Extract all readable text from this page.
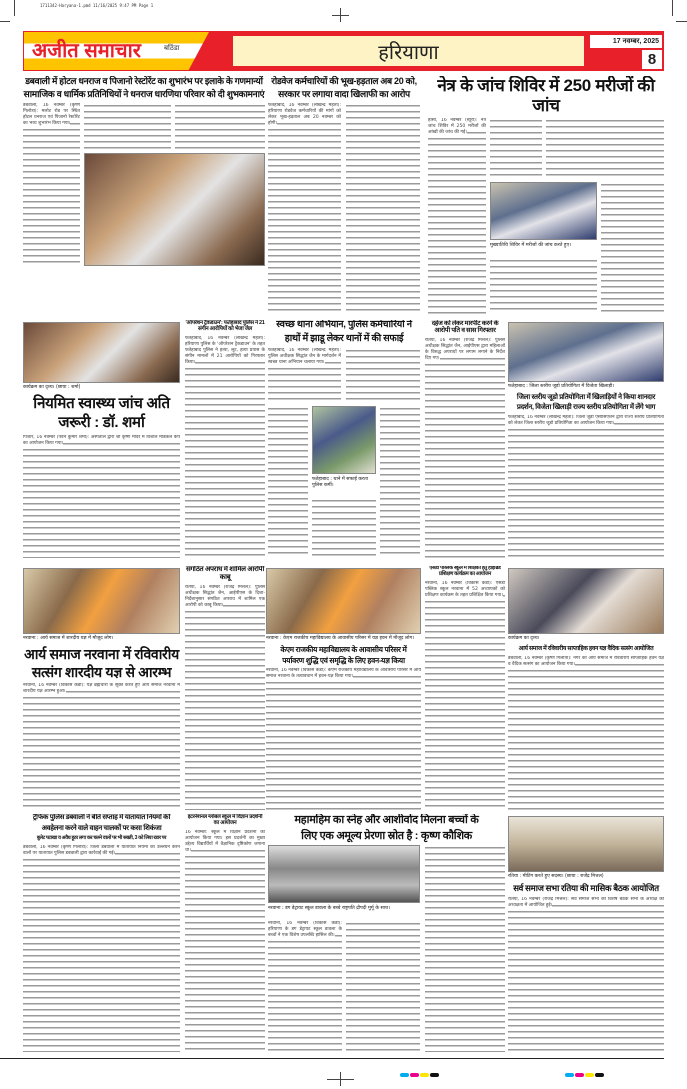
1711342-Haryana-1.pmd 11/16/2025 9:47 PM Page 1
अजीत समाचार	बठिंडा	हरियाणा	17 नवम्बर, 2025
8
डबवाली में होटल धनराज व पिजानो रेस्टोरेंट का शुभारंभ पर इलाके के गणमान्यों
सामाजिक व धार्मिक प्रतिनिधियों ने धनराज धारणिया परिवार को दी शुभकामनाएं
डबवाली, 16 नवम्बर (कृष्ण गिलोत्रा): मलोट रोड पर स्थित होटल धनराज एवं पिजानो रेस्टोरेंट का भव्य शुभारंभ किया गया।
रोडवेज कर्मचारियों की भूख-हड़ताल अब 20 को,
सरकार पर लगाया वादा खिलाफी का आरोप
फतेहाबाद, 16 नवम्बर (लखिन्द्र मैहता): हरियाणा रोडवेज कर्मचारियों की मांगों को लेकर भूख-हड़ताल अब 20 नवम्बर को होगी।
नेत्र के जांच शिविर में 250 मरीजों की जांच
हांसी, 16 नवम्बर (ब्यूरो): नेत्र जांच शिविर में 250 मरीजों की आंखों की जांच की गई।
मुख्यातिथि शिविर में मरीजों की जांच करते हुए।
कार्यक्रम का दृश्य। (छाया : शर्मा)
नियमित स्वास्थ्य जांच अति
जरूरी : डॉ. शर्मा
पिंजौर, 16 नवम्बर (पवन कुमार शर्मा): अस्पताल द्वारा श्री कृष्ण मंदिर में विशाल मेडिकल कैंप का आयोजन किया गया।
'ऑपरेशन ट्रैकडाउन': फतेहाबाद पुलिस ने 21 संगीन आरोपियों को भेजा जेल
फतेहाबाद, 16 नवम्बर (लखिन्द्र मैहता): हरियाणा पुलिस के 'ऑपरेशन ट्रैकडाउन' के तहत फतेहाबाद पुलिस ने हत्या, लूट, हत्या प्रयास के संगीन मामलों में 21 आरोपियों को गिरफ्तार किया।
स्वच्छ थाना अभियान, पुलिस कर्मचारियों ने
हाथों में झाडू लेकर थानों में की सफाई
फतेहाबाद, 16 नवम्बर (लखिन्द्र मैहता): पुलिस अधीक्षक सिद्धांत जैन के मार्गदर्शन में स्वच्छ थाना अभियान चलाया गया।
फतेहाबाद : थाने में सफाई करता पुलिस कर्मी।
दहेज को लेकर मारपीट करने के आरोपी पति व सास गिरफ्तार
रतिया, 16 नवम्बर (राजेंद्र मित्तल): पुलिस अधीक्षक सिद्धांत जैन, आईपीएस द्वारा महिलाओं के विरुद्ध अपराधों पर लगाम लगाने के निर्देश दिए गए।
फतेहाबाद : जिला स्तरीय जूडो प्रतियोगिता में विजेता खिलाड़ी।
जिला स्तरीय जूडो प्रतियोगिता में खिलाड़ियों ने किया शानदार
प्रदर्शन, विजेता खिलाड़ी राज्य स्तरीय प्रतियोगिता में लेंगे भाग
फतेहाबाद, 16 नवम्बर (लखिन्द्र मैहता): जिला जूडो एसोसिएशन द्वारा राज्य स्तरीय प्रतियोगिता को लेकर जिला स्तरीय जूडो प्रतियोगिता का आयोजन किया गया।
नरवाना : आर्य समाज में शारदीय यज्ञ में मौजूद लोग।
आर्य समाज नरवाना में रविवारीय
सत्संग शारदीय यज्ञ से आरम्भ
नरवाना, 16 नवम्बर (विकास केडी): यज्ञ ब्रह्मचारी के सूक्त करते हुए आर्य समाज नरवाना में शारदीय यज्ञ आरम्भ हुआ।
संगठित अपराध में शामिल आरोपी काबू
रतिया, 16 नवम्बर (राजेंद्र मित्तल): पुलिस अधीक्षक सिद्धांत जैन, आईपीएस के दिशा-निर्देशानुसार संगठित अपराध में शामिल एक आरोपी को काबू किया।
नरवाना : केएम राजकीय महाविद्यालय के आवासीय परिसर में यज्ञ हवन में मौजूद लोग।
केएम राजकीय महाविद्यालय के आवासीय परिसर में
पर्यावरण शुद्धि एवं समृद्धि के लिए हवन-यज्ञ किया
नरवाना, 16 नवम्बर (विकास केडी): केएम राजकीय महाविद्यालय के आवासीय परिसर में आर्य समाज नरवाना के तत्वावधान में हवन-यज्ञ किया गया।
एसडी पब्लिक स्कूल में शिक्षकों हेतु हाइब्रिड प्रशिक्षण कार्यक्रम का आयोजन
नरवाना, 16 नवम्बर (विकास केडी): एसडी पब्लिक स्कूल नरवाना में 52 अध्यापकों को प्रशिक्षण कार्यक्रम के तहत प्रशिक्षित किया गया।
कार्यक्रम का दृश्य।
आर्य समाज में रविवारीय साप्ताहिक हवन यज्ञ वैदिक सत्संग आयोजित
डबवाली, 16 नवम्बर (कृष्ण गिलोत्रा): नगर की आर्य समाज में रविवारीय साप्ताहिक हवन यज्ञ व वैदिक सत्संग का आयोजन किया गया।
ट्रैफिक पुलिस डबवाली ने बीते सप्ताह में यातायात नियमों की
अवहेलना करने वाले वाहन चालकों पर कसा शिकंजा
बुलेट पटाखा व अवैध हूटर लगा कर चलने वालों पर भी सख्ती, 3 को लिया रडार पर
डबवाली, 16 नवम्बर (कृष्ण गिलोत्रा): जिला डबवाली में यातायात नियमों का उल्लंघन करने वालों पर यातायात पुलिस डबवाली द्वारा कार्रवाई की गई।
इंटरनेशनल ग्लोबल स्कूल में विज्ञान प्रदर्शनी का आयोजन
16 नवम्बर: स्कूल में विज्ञान प्रदर्शनी का आयोजन किया गया। इस प्रदर्शनी का मुख्य उद्देश्य विद्यार्थियों में वैज्ञानिक दृष्टिकोण जगाना था।
महामहिम का स्नेह और आशीर्वाद मिलना बच्चों के
लिए एक अमूल्य प्रेरणा स्रोत है : कृष्ण कौशिक
नरवाना : डग डेट्रायट स्कूल डावला के बच्चे राष्ट्रपति द्रौपदी मुर्मू के साथ।
नरवाना, 16 नवम्बर (विकास केडी): हरियाणा के डग डेट्रायट स्कूल डावला के बच्चों ने एक विशेष उपलब्धि हासिल की।
रतिया : मीटिंग करते हुए सदस्य। (छाया : राजेंद्र मित्तल)
सर्व समाज सभा रतिया की मासिक बैठक आयोजित
रतिया, 16 नवम्बर (राजेंद्र मित्तल): सर्व समाज सभा की विशेष बैठक सभा के अध्यक्ष की अध्यक्षता में आयोजित हुई।
